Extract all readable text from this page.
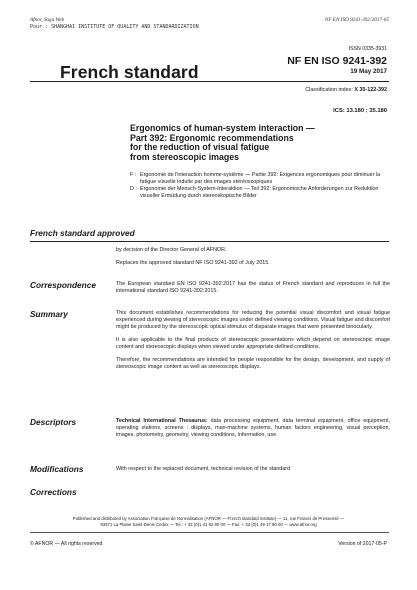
Afnor, Saga Web
Pour : SHANGHAI INSTITUTE OF QUALITY AND STANDARDIZATION
NF EN ISO 9241-392:2017-05
ISSN 0335-3931
NF EN ISO 9241-392
French standard	19 May 2017
Classification index: X 35-122-392
ICS: 13.180 ; 35.180
Ergonomics of human-system interaction —
Part 392: Ergonomic recommendations
for the reduction of visual fatigue
from stereoscopic images
F : Ergonomie de l'interaction homme-système — Partie 392: Exigences ergonomiques pour diminuer la fatigue visuelle induite par des images stéréoscopiques
D : Ergonomie der Mensch-System-Interaktion — Teil 392: Ergonomische Anforderungen zur Reduktion visueller Ermüdung durch stereoskopische Bilder
French standard approved

by decision of the Director General of AFNOR.

Replaces the approved standard NF ISO 9241-392 of July 2015.

Correspondence	The European standard EN ISO 9241-392:2017 has the status of French standard and reproduces in full the international standard ISO 9241-392:2015.

Summary	This document establishes recommendations for reducing the potential visual discomfort and visual fatigue experienced during viewing of stereoscopic images under defined viewing conditions. Visual fatigue and discomfort might be produced by the stereoscopic optical stimulus of disparate images that were presented binocularly.

It is also applicable to the final products of stereoscopic presentations which depend on stereoscopic image content and stereoscopic displays when viewed under appropriate defined conditions.

Therefore, the recommendations are intended for people responsible for the design, development, and supply of stereoscopic image content as well as stereoscopic displays.

Descriptors	Technical International Thesaurus: data processing equipment, data terminal equipment, office equipment, operating stations, screens : displays, man-machine systems, human factors engineering, visual perception, images, photometry, geometry, viewing conditions, information, use.

Modifications	With respect to the replaced document, technical revision of the standard

Corrections
Published and distributed by Association Française de Normalisation (AFNOR — French standard institute) — 11, rue Francis de Pressensé —
93571 La Plaine Saint-Denis Cedex — Tel.: + 33 (0)1 41 62 80 00 — Fax: + 33 (0)1 49 17 90 00 — www.afnor.org
© AFNOR — All rights reserved	Version of 2017-05-P
